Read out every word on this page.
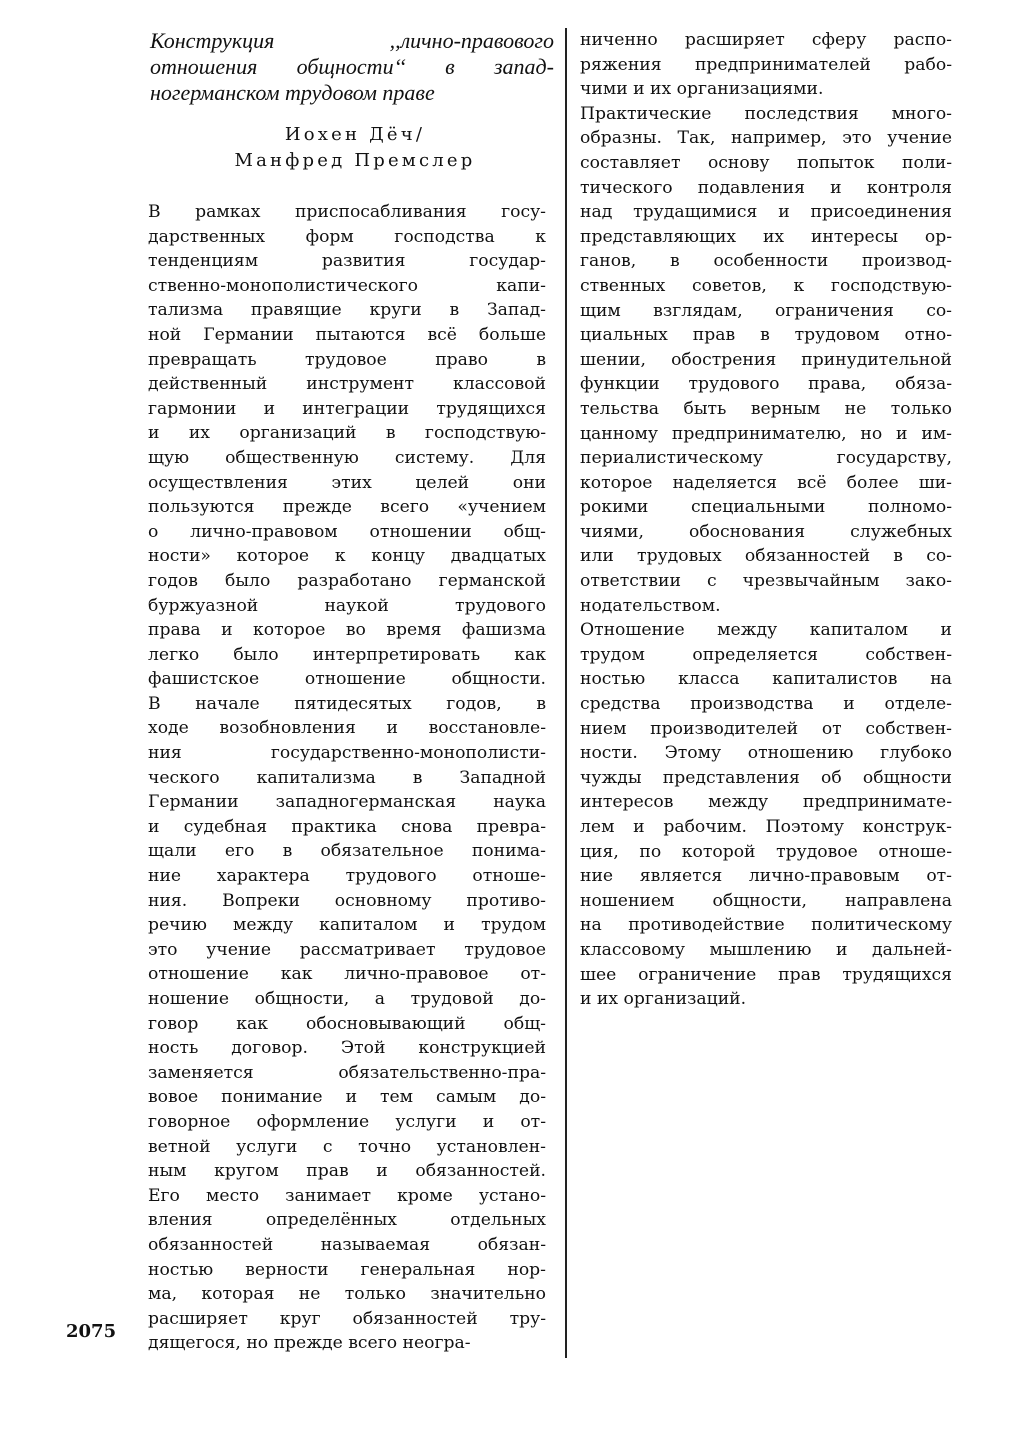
Конструкция ,,лично-правового
отношения общности‘‘ в запад-
ногерманском трудовом праве
Иохен Дёч/
Манфред Премслер
В рамках приспосабливания госу-
дарственных форм господства к
тенденциям развития государ-
ственно-монополистического капи-
тализма правящие круги в Запад-
ной Германии пытаются всё больше
превращать трудовое право в
действенный инструмент классовой
гармонии и интеграции трудящихся
и их организаций в господствую-
щую общественную систему. Для
осуществления этих целей они
пользуются прежде всего «учением
о лично-правовом отношении общ-
ности» которое к концу двадцатых
годов было разработано германской
буржуазной наукой трудового
права и которое во время фашизма
легко было интерпретировать как
фашистское отношение общности.
В начале пятидесятых годов, в
ходе возобновления и восстановле-
ния государственно-монополисти-
ческого капитализма в Западной
Германии западногерманская наука
и судебная практика снова превра-
щали его в обязательное понима-
ние характера трудового отноше-
ния. Вопреки основному противо-
речию между капиталом и трудом
это учение рассматривает трудовое
отношение как лично-правовое от-
ношение общности, а трудовой до-
говор как обосновывающий общ-
ность договор. Этой конструкцией
заменяется обязательственно-пра-
вовое понимание и тем самым до-
говорное оформление услуги и от-
ветной услуги с точно установлен-
ным кругом прав и обязанностей.
Его место занимает кроме устано-
вления определённых отдельных
обязанностей называемая обязан-
ностью верности генеральная нор-
ма, которая не только значительно
расширяет круг обязанностей тру-
дящегося, но прежде всего неогра-
ниченно расширяет сферу распо-
ряжения предпринимателей рабо-
чими и их организациями.
Практические последствия много-
образны. Так, например, это учение
составляет основу попыток поли-
тического подавления и контроля
над трудащимися и присоединения
представляющих их интересы ор-
ганов, в особенности производ-
ственных советов, к господствую-
щим взглядам, ограничения со-
циальных прав в трудовом отно-
шении, обострения принудительной
функции трудового права, обяза-
тельства быть верным не только
цанному предпринимателю, но и им-
периалистическому государству,
которое наделяется всё более ши-
рокими специальными полномо-
чиями, обоснования служебных
или трудовых обязанностей в со-
ответствии с чрезвычайным зако-
нодательством.
Отношение между капиталом и
трудом определяется собствен-
ностью класса капиталистов на
средства производства и отделе-
нием производителей от собствен-
ности. Этому отношению глубоко
чужды представления об общности
интересов между предпринимате-
лем и рабочим. Поэтому конструк-
ция, по которой трудовое отноше-
ние является лично-правовым от-
ношением общности, направлена
на противодействие политическому
классовому мышлению и дальней-
шее ограничение прав трудящихся
и их организаций.
2075
